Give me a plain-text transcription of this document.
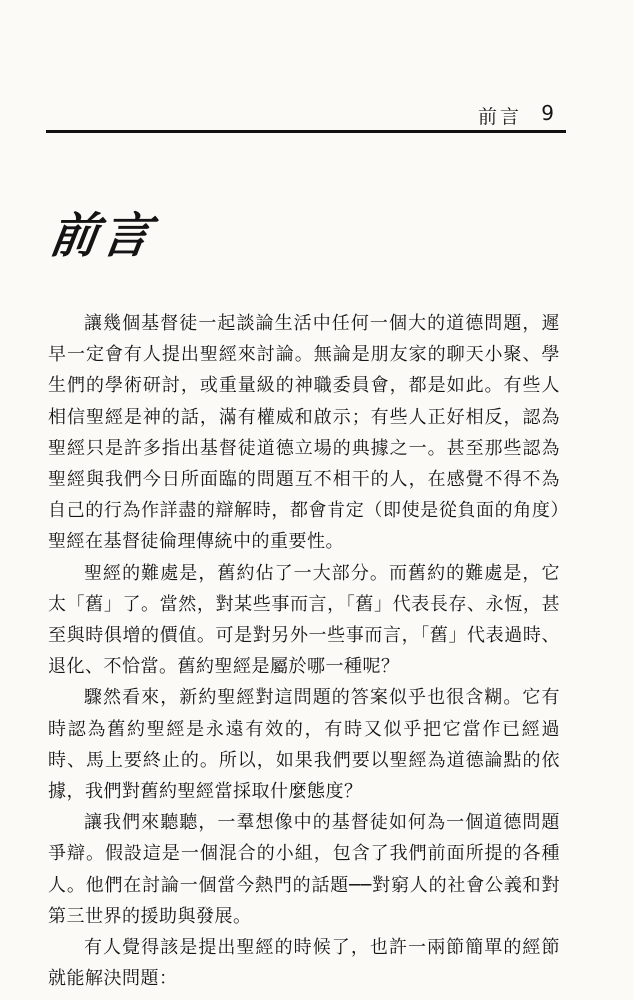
前言 9
前言

讓幾個基督徒一起談論生活中任何一個大的道德問題，遲早一定會有人提出聖經來討論。無論是朋友家的聊天小聚、學生們的學術研討，或重量級的神職委員會，都是如此。有些人相信聖經是神的話，滿有權威和啟示；有些人正好相反，認為聖經只是許多指出基督徒道德立場的典據之一。甚至那些認為聖經與我們今日所面臨的問題互不相干的人，在感覺不得不為自己的行為作詳盡的辯解時，都會肯定（即使是從負面的角度）聖經在基督徒倫理傳統中的重要性。

聖經的難處是，舊約佔了一大部分。而舊約的難處是，它太「舊」了。當然，對某些事而言，「舊」代表長存、永恆，甚至與時俱增的價值。可是對另外一些事而言，「舊」代表過時、退化、不恰當。舊約聖經是屬於哪一種呢？

驟然看來，新約聖經對這問題的答案似乎也很含糊。它有時認為舊約聖經是永遠有效的，有時又似乎把它當作已經過時、馬上要終止的。所以，如果我們要以聖經為道德論點的依據，我們對舊約聖經當採取什麼態度？

讓我們來聽聽，一羣想像中的基督徒如何為一個道德問題爭辯。假設這是一個混合的小組，包含了我們前面所提的各種人。他們在討論一個當今熱門的話題──對窮人的社會公義和對第三世界的援助與發展。

有人覺得該是提出聖經的時候了，也許一兩節簡單的經節就能解決問題：
